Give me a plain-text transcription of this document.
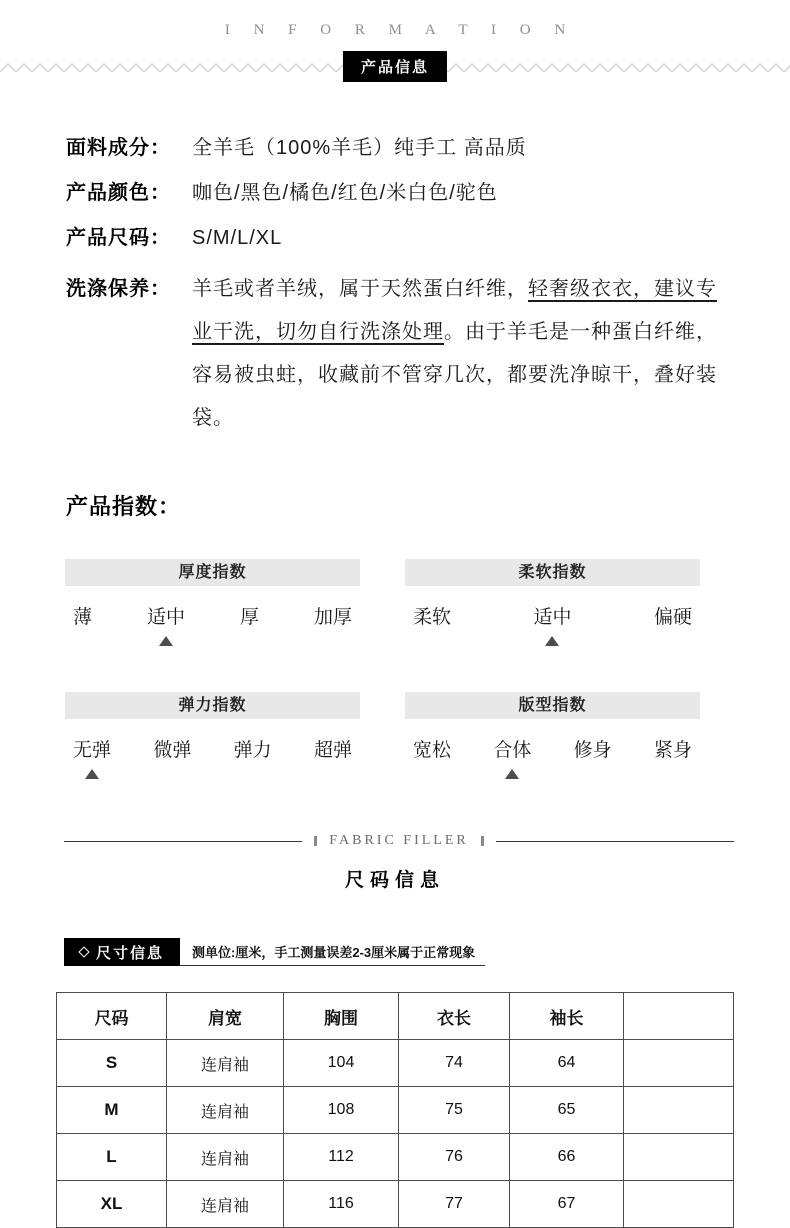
I N F O R M A T I O N
产品信息
面料成分：	全羊毛（100%羊毛）纯手工 高品质
产品颜色：	咖色/黑色/橘色/红色/米白色/驼色
产品尺码：	S/M/L/XL
洗涤保养：	羊毛或者羊绒，属于天然蛋白纤维，轻奢级衣衣，建议专业干洗，切勿自行洗涤处理。由于羊毛是一种蛋白纤维，容易被虫蛀，收藏前不管穿几次，都要洗净晾干，叠好装袋。
产品指数：
厚度指数
薄	适中	厚	加厚
柔软指数
柔软	适中	偏硬
弹力指数
无弹 微弹 弹力 超弹
版型指数
宽松 合体 修身 紧身
FABRIC FILLER
尺码信息
尺寸信息	测单位:厘米，手工测量误差2-3厘米属于正常现象
尺码	肩宽	胸围	衣长	袖长	
S	连肩袖	104	74	64	
M	连肩袖	108	75	65	
L	连肩袖	112	76	66	
XL	连肩袖	116	77	67	
